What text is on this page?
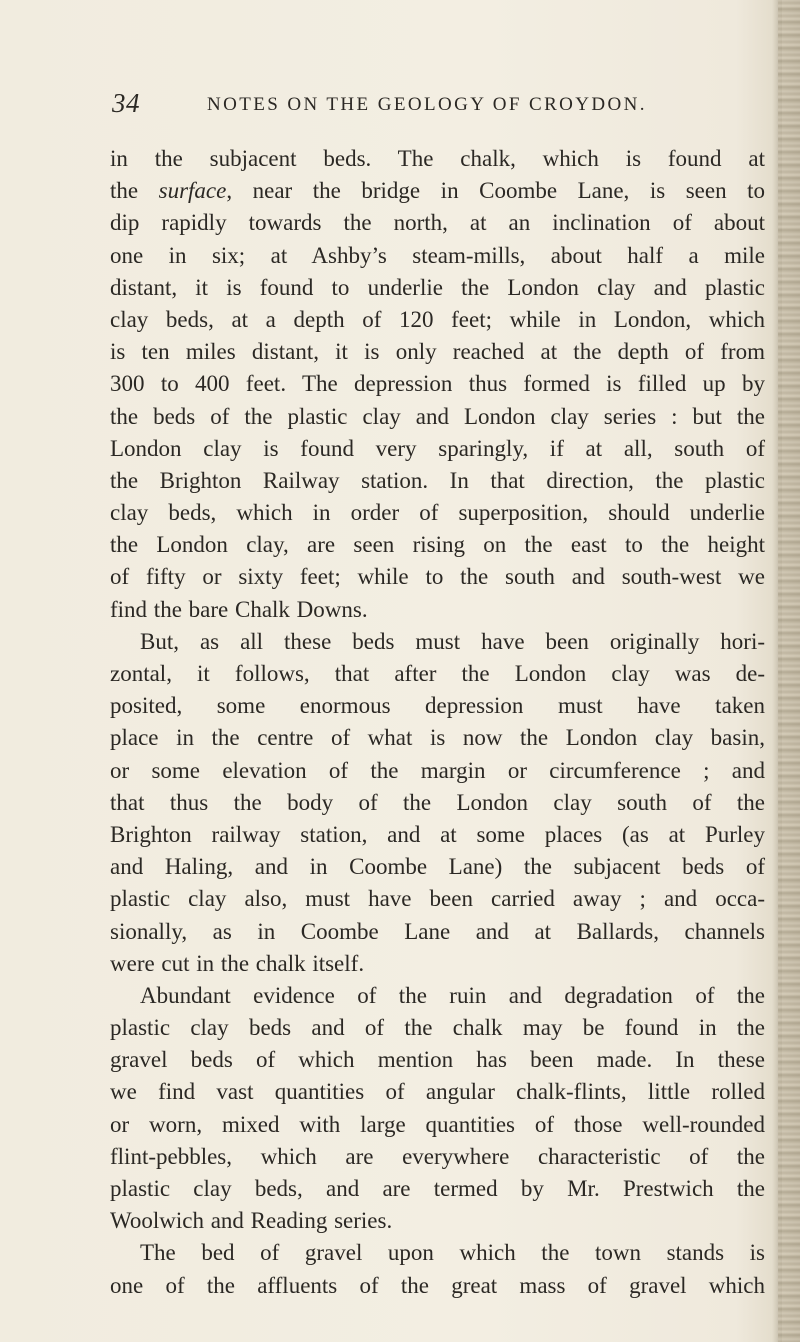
34	NOTES ON THE GEOLOGY OF CROYDON.
in the subjacent beds. The chalk, which is found at
the surface, near the bridge in Coombe Lane, is seen to
dip rapidly towards the north, at an inclination of about
one in six; at Ashby’s steam-mills, about half a mile
distant, it is found to underlie the London clay and plastic
clay beds, at a depth of 120 feet; while in London, which
is ten miles distant, it is only reached at the depth of from
300 to 400 feet. The depression thus formed is filled up by
the beds of the plastic clay and London clay series : but the
London clay is found very sparingly, if at all, south of
the Brighton Railway station. In that direction, the plastic
clay beds, which in order of superposition, should underlie
the London clay, are seen rising on the east to the height
of fifty or sixty feet; while to the south and south-west we
find the bare Chalk Downs.
But, as all these beds must have been originally hori-
zontal, it follows, that after the London clay was de-
posited, some enormous depression must have taken
place in the centre of what is now the London clay basin,
or some elevation of the margin or circumference ; and
that thus the body of the London clay south of the
Brighton railway station, and at some places (as at Purley
and Haling, and in Coombe Lane) the subjacent beds of
plastic clay also, must have been carried away ; and occa-
sionally, as in Coombe Lane and at Ballards, channels
were cut in the chalk itself.
Abundant evidence of the ruin and degradation of the
plastic clay beds and of the chalk may be found in the
gravel beds of which mention has been made. In these
we find vast quantities of angular chalk-flints, little rolled
or worn, mixed with large quantities of those well-rounded
flint-pebbles, which are everywhere characteristic of the
plastic clay beds, and are termed by Mr. Prestwich the
Woolwich and Reading series.
The bed of gravel upon which the town stands is
one of the affluents of the great mass of gravel which
